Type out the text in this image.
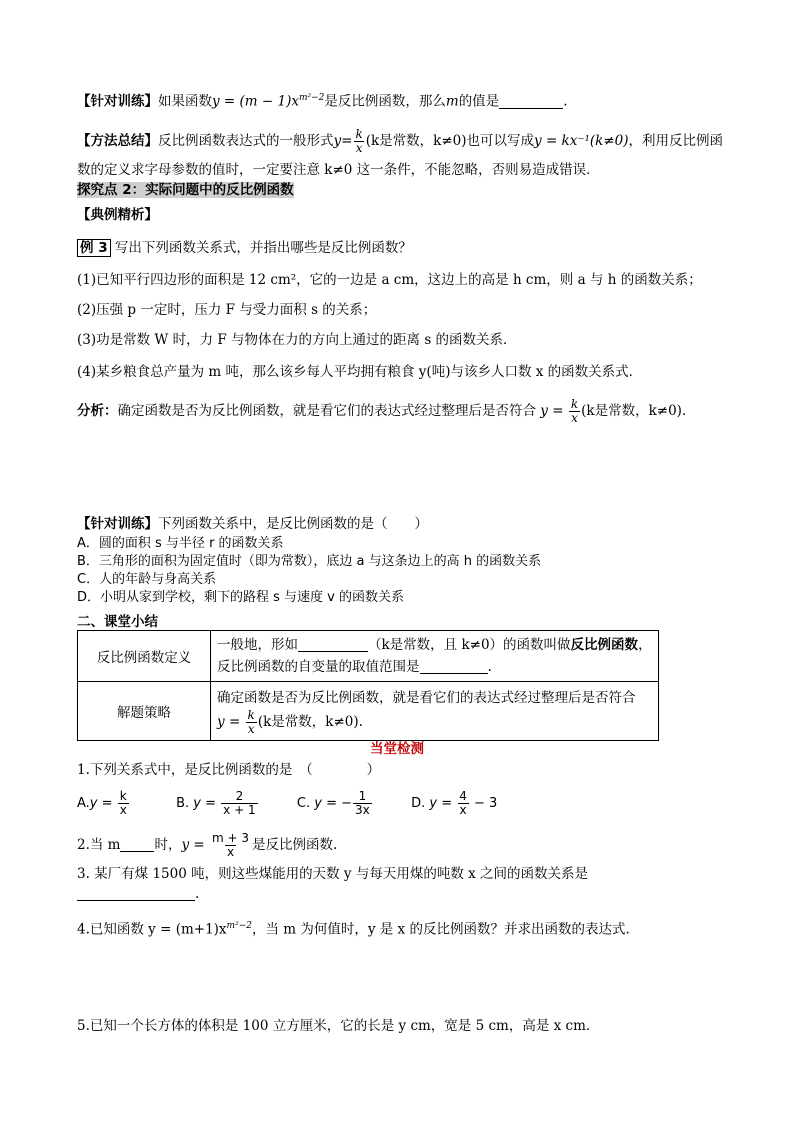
【针对训练】如果函数$y = (m - 1)x^{m^2-2}$是反比例函数，那么m的值是	.
【方法总结】反比例函数表达式的一般形式$y= \frac{k}{x} (k$是常数，k≠0)也可以写成y = kx⁻¹(k≠0)，利用反比例函
数的定义求字母参数的值时，一定要注意 k≠0 这一条件，不能忽略，否则易造成错误．
探究点 2：实际问题中的反比例函数
【典例精析】
例 3 写出下列函数关系式，并指出哪些是反比例函数？
(1)已知平行四边形的面积是 12 cm²，它的一边是 a cm，这边上的高是 h cm，则 a 与 h 的函数关系；
(2)压强 p 一定时，压力 F 与受力面积 s 的关系；
(3)功是常数 W 时，力 F 与物体在力的方向上通过的距离 s 的函数关系．
(4)某乡粮食总产量为 m 吨，那么该乡每人平均拥有粮食 y(吨)与该乡人口数 x 的函数关系式．
分析：确定函数是否为反比例函数，就是看它们的表达式经过整理后是否符合 $y = \frac{k}{x} (k$是常数，k≠0).
【针对训练】下列函数关系中，是反比例函数的是（　　）
A．圆的面积 s 与半径 r 的函数关系
B．三角形的面积为固定值时（即为常数），底边 a 与这条边上的高 h 的函数关系
C．人的年龄与身高关系
D．小明从家到学校，剩下的路程 s 与速度 v 的函数关系
二、课堂小结
反比例函数定义	一般地，形如 （k是常数，且 k≠0）的函数叫做反比例函数，
反比例函数的自变量的取值范围是 .
解题策略	确定函数是否为反比例函数，就是看它们的表达式经过整理后是否符合
$y = \frac{k}{x} (k$是常数，k≠0).
当堂检测
1.下列关系式中，是反比例函数的是　（　　　　）
$A.y = \frac{k}{x}$	B. $y = \frac{2}{x + 1}$	C. y = − $\frac{1}{3x}$	D. $y = \frac{4}{x} - 3$
2.当 m	时，$y = \frac{m + 3}{x}$ 是反比例函数.
3. 某厂有煤 1500 吨，则这些煤能用的天数 y 与每天用煤的吨数 x 之间的函数关系是
.
4.已知函数 $y = (m+1)x^{m^2-2}$，当 m 为何值时，y 是 x 的反比例函数？并求出函数的表达式.
5.已知一个长方体的体积是 100 立方厘米，它的长是 y cm，宽是 5 cm，高是 x cm．
